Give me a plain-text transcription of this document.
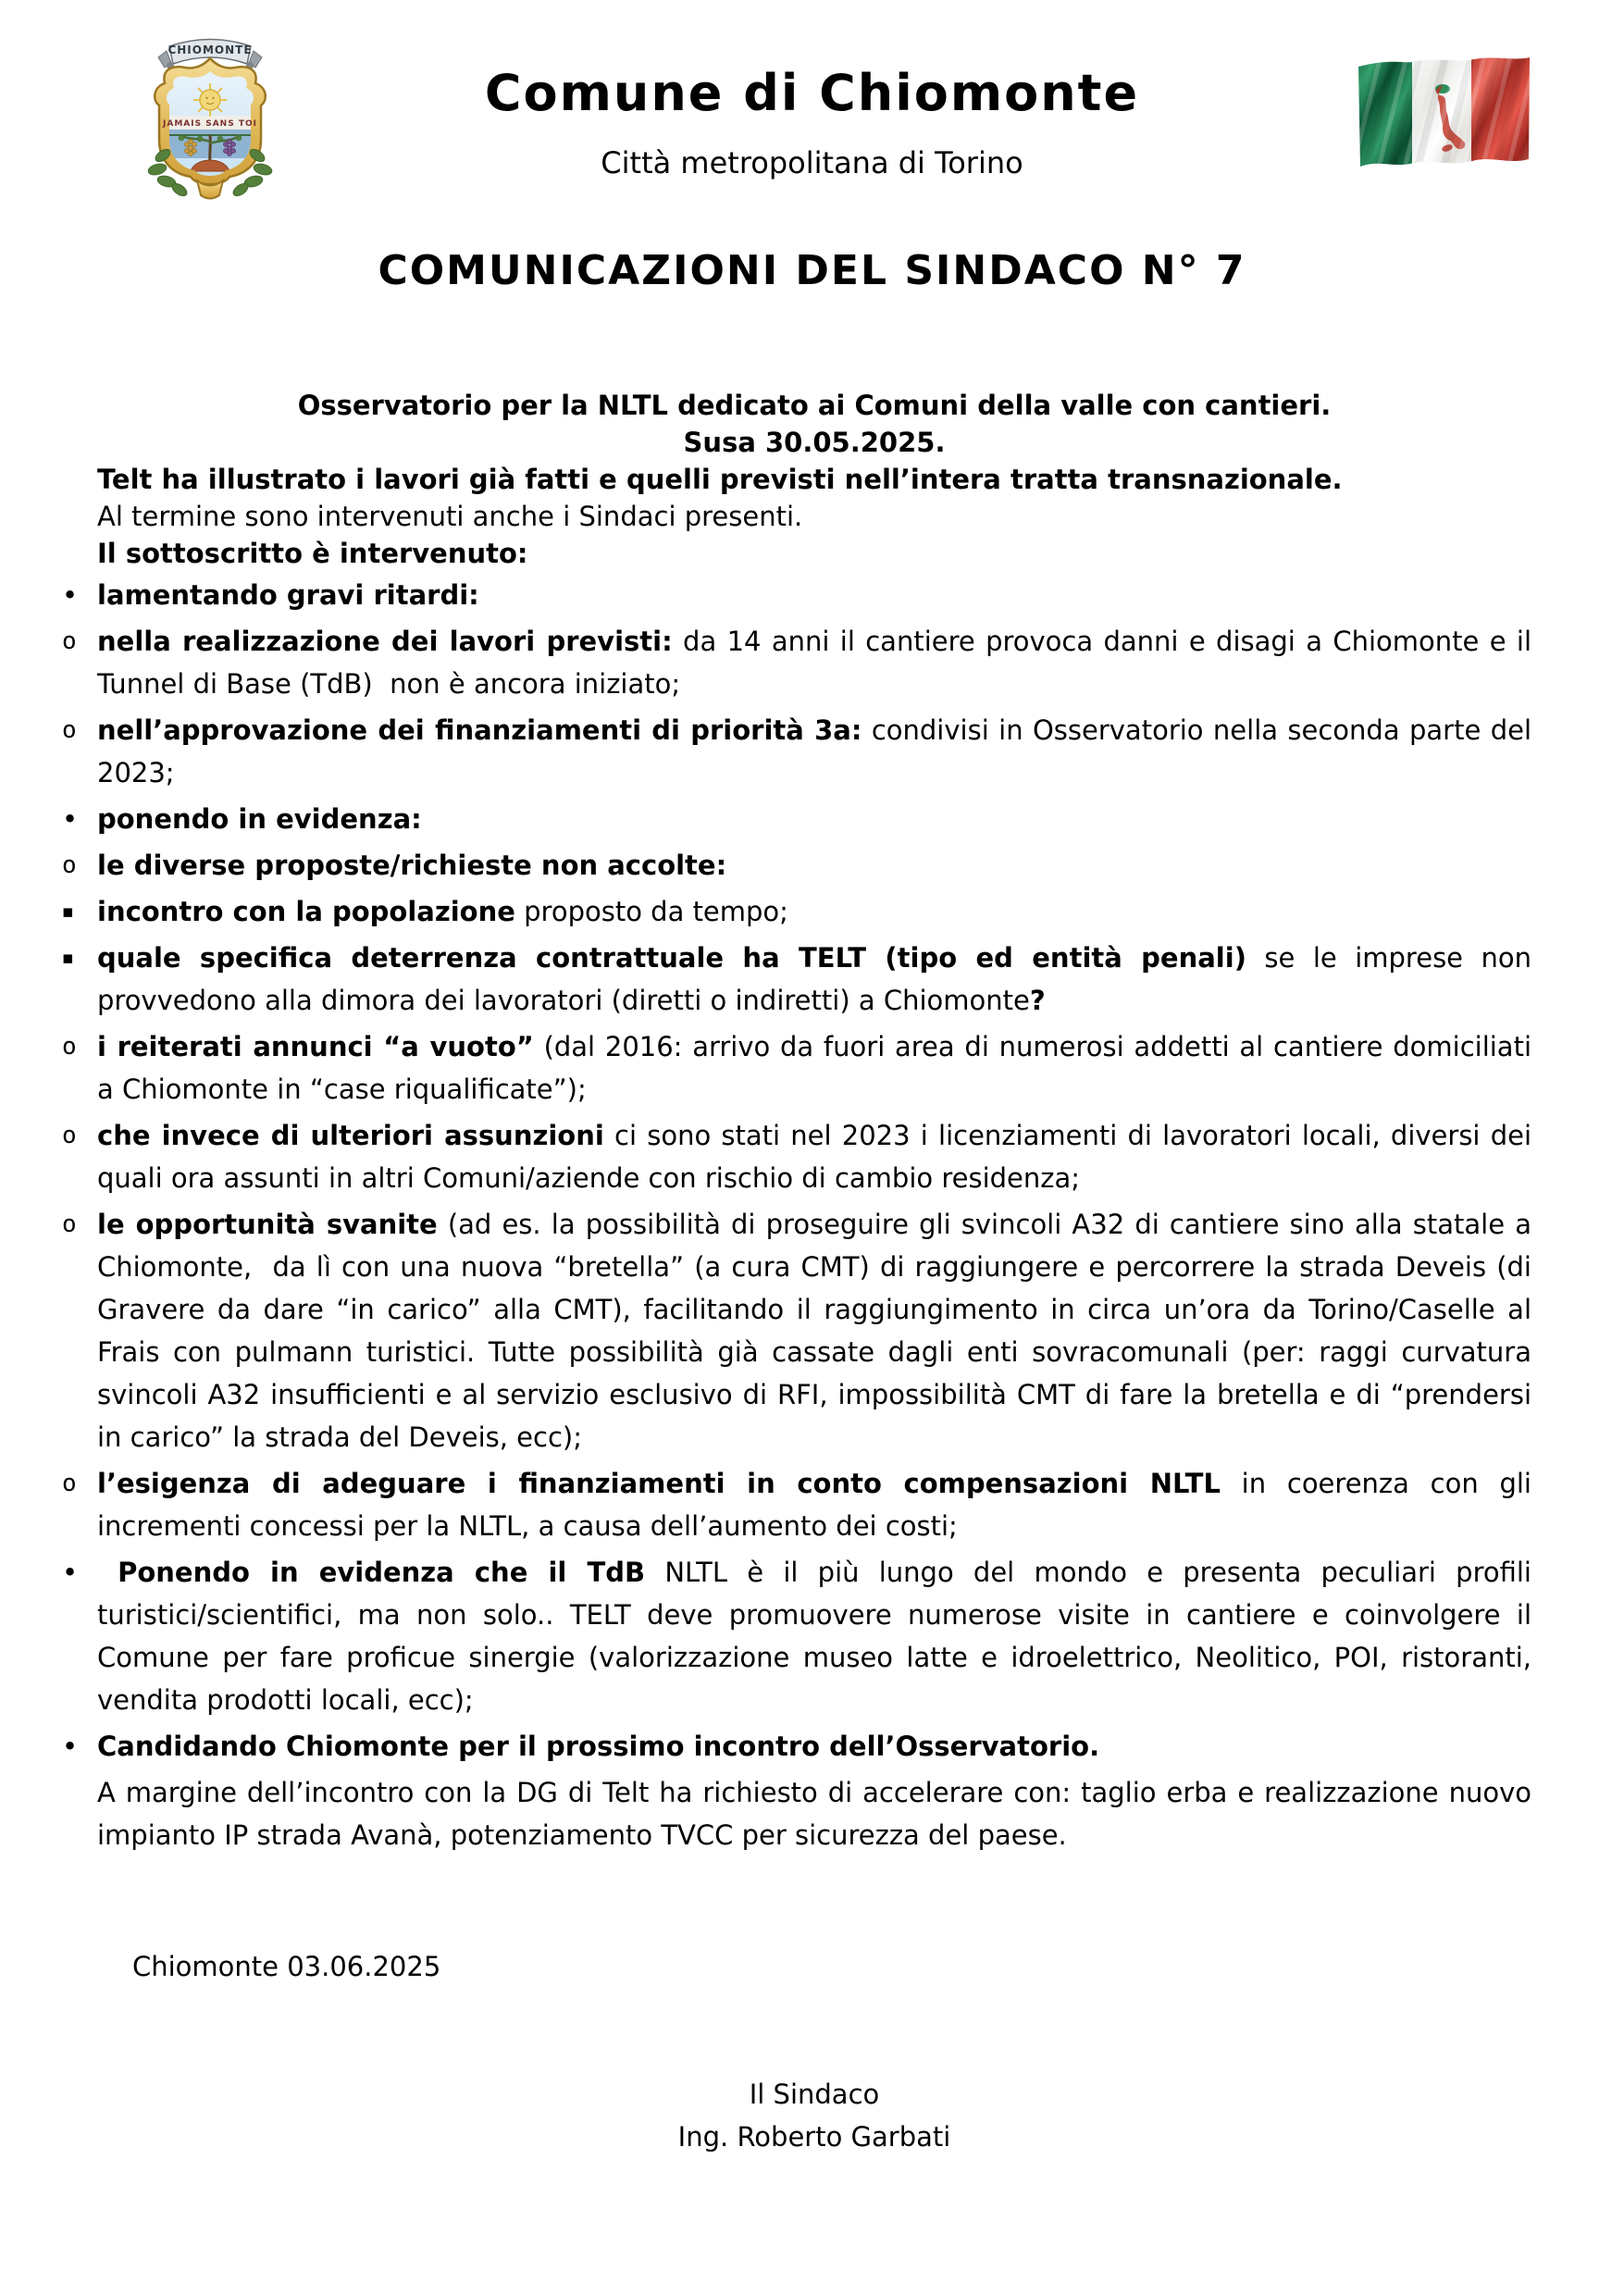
CHIOMONTE
JAMAIS SANS TOI
Comune di Chiomonte
Città metropolitana di Torino
COMUNICAZIONI DEL SINDACO N° 7
Osservatorio per la NLTL dedicato ai Comuni della valle con cantieri.
Susa 30.05.2025.
Telt ha illustrato i lavori già fatti e quelli previsti nell’intera tratta transnazionale.
Al termine sono intervenuti anche i Sindaci presenti.
Il sottoscritto è intervenuto:
• lamentando gravi ritardi:
o nella realizzazione dei lavori previsti: da 14 anni il cantiere provoca danni e disagi a Chiomonte e il Tunnel di Base (TdB)  non è ancora iniziato;
o nell’approvazione dei finanziamenti di priorità 3a: condivisi in Osservatorio nella seconda parte del 2023;
• ponendo in evidenza:
o le diverse proposte/richieste non accolte:
▪ incontro con la popolazione proposto da tempo;
▪ quale specifica deterrenza contrattuale ha TELT (tipo ed entità penali) se le imprese non provvedono alla dimora dei lavoratori (diretti o indiretti) a Chiomonte?
o i reiterati annunci “a vuoto” (dal 2016: arrivo da fuori area di numerosi addetti al cantiere domiciliati a Chiomonte in “case riqualificate”);
o che invece di ulteriori assunzioni ci sono stati nel 2023 i licenziamenti di lavoratori locali, diversi dei quali ora assunti in altri Comuni/aziende con rischio di cambio residenza;
o le opportunità svanite (ad es. la possibilità di proseguire gli svincoli A32 di cantiere sino alla statale a Chiomonte,  da lì con una nuova “bretella” (a cura CMT) di raggiungere e percorrere la strada Deveis (di Gravere da dare “in carico” alla CMT), facilitando il raggiungimento in circa un’ora da Torino/Caselle al Frais con pulmann turistici. Tutte possibilità già cassate dagli enti sovracomunali (per: raggi curvatura svincoli A32 insufficienti e al servizio esclusivo di RFI, impossibilità CMT di fare la bretella e di “prendersi in carico” la strada del Deveis, ecc);
o l’esigenza di adeguare i finanziamenti in conto compensazioni NLTL in coerenza con gli incrementi concessi per la NLTL, a causa dell’aumento dei costi;
• Ponendo in evidenza che il TdB NLTL è il più lungo del mondo e presenta peculiari profili turistici/scientifici, ma non solo.. TELT deve promuovere numerose visite in cantiere e coinvolgere il Comune per fare proficue sinergie (valorizzazione museo latte e idroelettrico, Neolitico, POI, ristoranti, vendita prodotti locali, ecc);
• Candidando Chiomonte per il prossimo incontro dell’Osservatorio.
A margine dell’incontro con la DG di Telt ha richiesto di accelerare con: taglio erba e realizzazione nuovo impianto IP strada Avanà, potenziamento TVCC per sicurezza del paese.
Chiomonte 03.06.2025
Il Sindaco
Ing. Roberto Garbati
